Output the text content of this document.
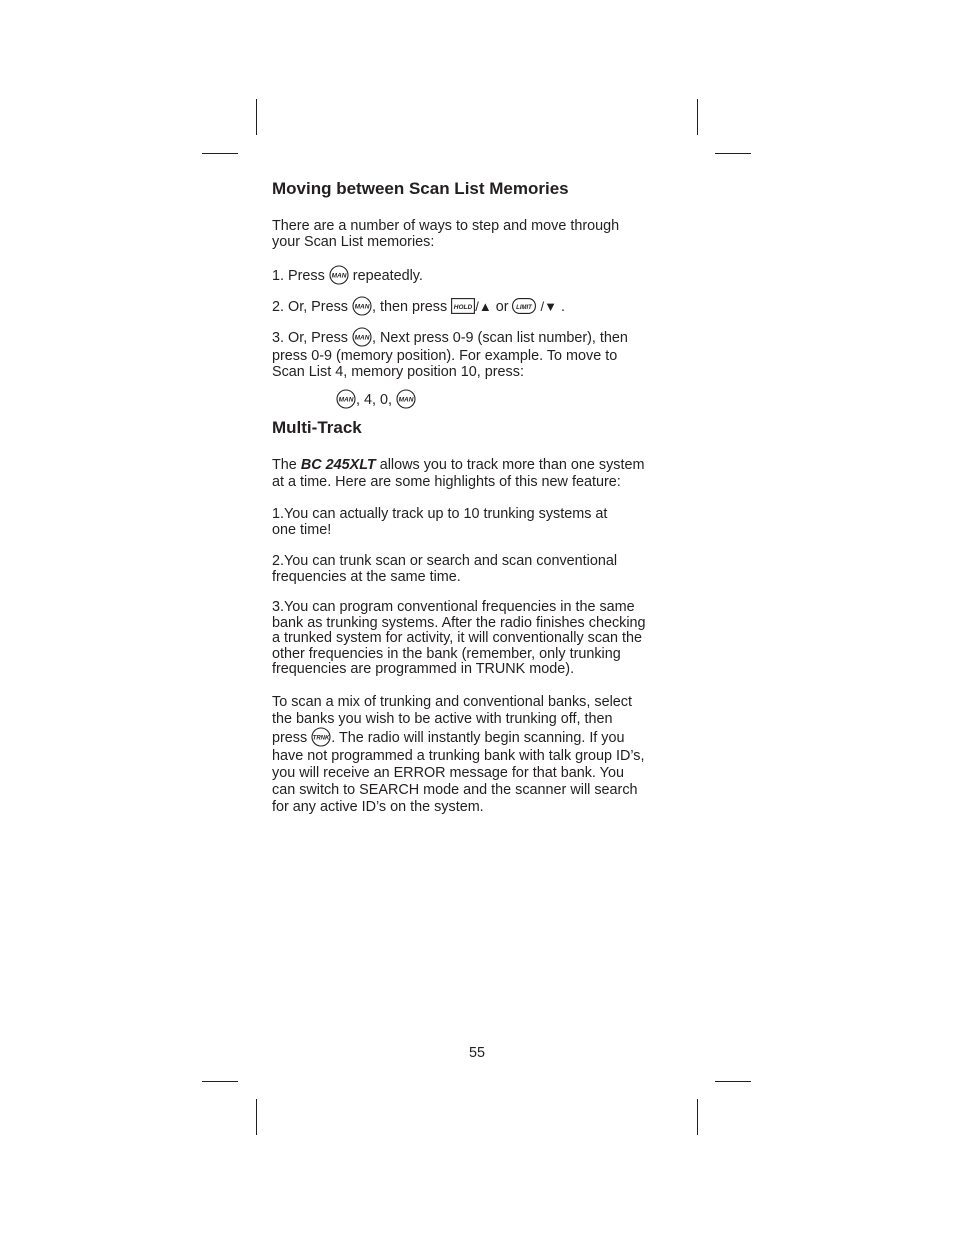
Moving between Scan List Memories

There are a number of ways to step and move through
your Scan List memories:

1. Press MAN repeatedly.

2. Or, Press MAN , then press HOLD /▲ or LIMIT /▼ .

3. Or, Press MAN , Next press 0-9 (scan list number), then
press 0-9 (memory position). For example. To move to
Scan List 4, memory position 10, press:

MAN , 4, 0, MAN

Multi-Track

The BC 245XLT allows you to track more than one system
at a time. Here are some highlights of this new feature:

1.You can actually track up to 10 trunking systems at
one time!

2.You can trunk scan or search and scan conventional
frequencies at the same time.

3.You can program conventional frequencies in the same
bank as trunking systems. After the radio finishes checking
a trunked system for activity, it will conventionally scan the
other frequencies in the bank (remember, only trunking
frequencies are programmed in TRUNK mode).

To scan a mix of trunking and conventional banks, select
the banks you wish to be active with trunking off, then
press TRNK . The radio will instantly begin scanning. If you
have not programmed a trunking bank with talk group ID’s,
you will receive an ERROR message for that bank. You
can switch to SEARCH mode and the scanner will search
for any active ID’s on the system.

55
